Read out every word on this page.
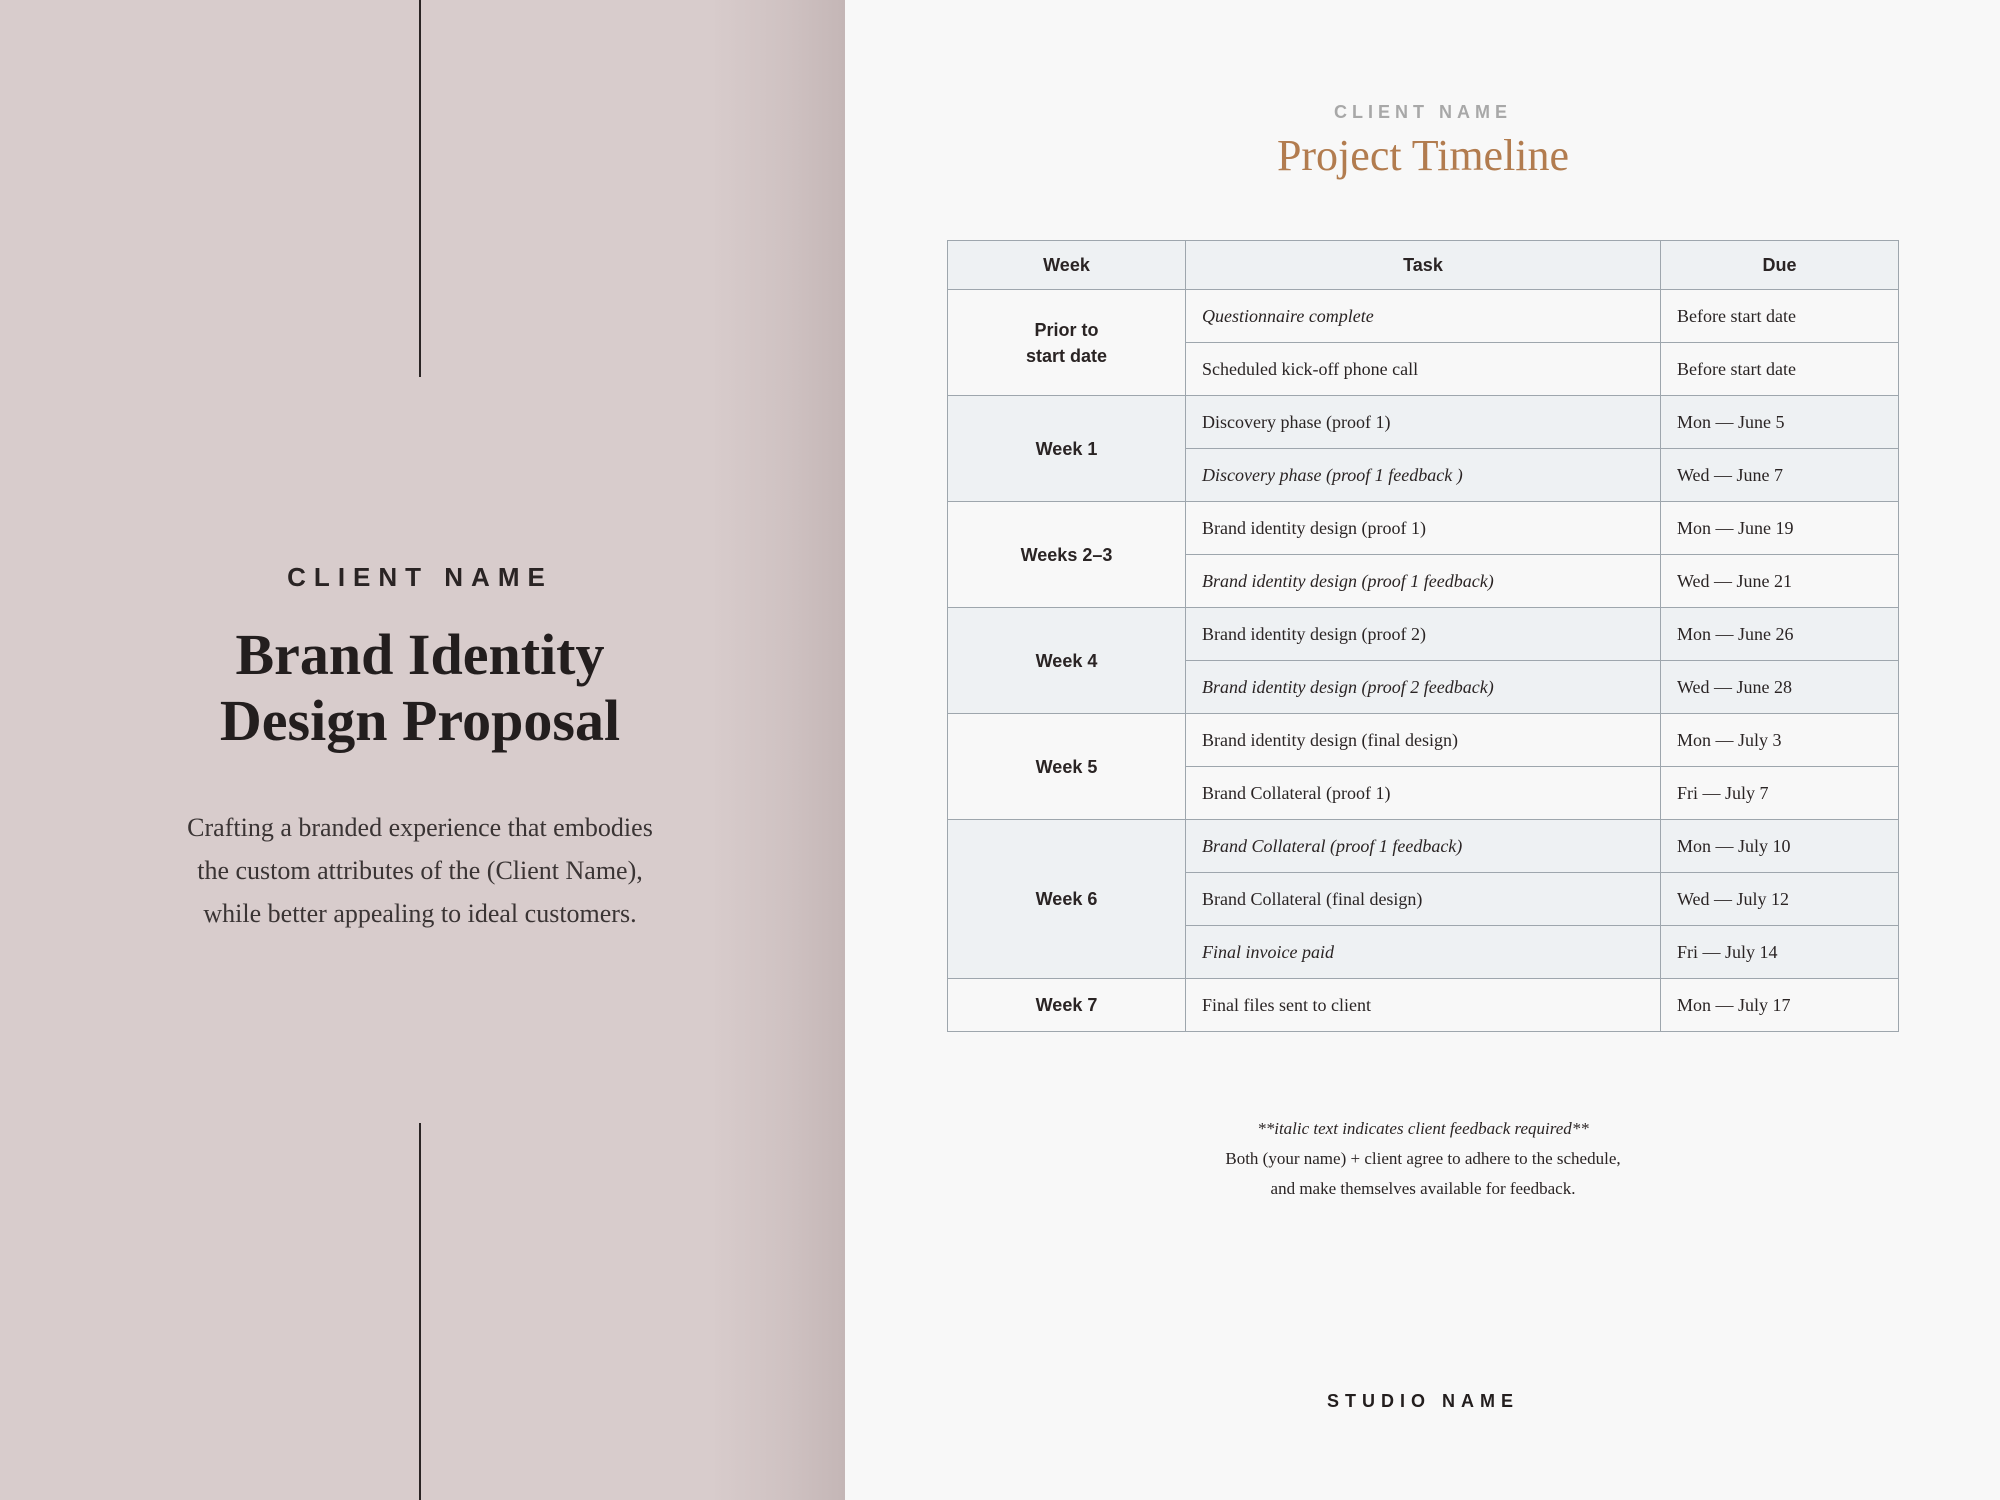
CLIENT NAME
Brand Identity
Design Proposal
Crafting a branded experience that embodies
the custom attributes of the (Client Name),
while better appealing to ideal customers.
CLIENT NAME
Project Timeline
Week	Task	Due

Prior to
start date	Questionnaire complete	Before start date
	Scheduled kick-off phone call	Before start date

Week 1	Discovery phase (proof 1)	Mon — June 5
	Discovery phase (proof 1 feedback )	Wed — June 7

Weeks 2–3	Brand identity design (proof 1)	Mon — June 19
	Brand identity design (proof 1 feedback)	Wed — June 21

Week 4	Brand identity design (proof 2)	Mon — June 26
	Brand identity design (proof 2 feedback)	Wed — June 28

Week 5	Brand identity design (final design)	Mon — July 3
	Brand Collateral (proof 1)	Fri — July 7

Week 6	Brand Collateral (proof 1 feedback)	Mon — July 10
	Brand Collateral (final design)	Wed — July 12
	Final invoice paid	Fri — July 14

Week 7	Final files sent to client	Mon — July 17
**italic text indicates client feedback required**
Both (your name) + client agree to adhere to the schedule,
and make themselves available for feedback.
STUDIO NAME
